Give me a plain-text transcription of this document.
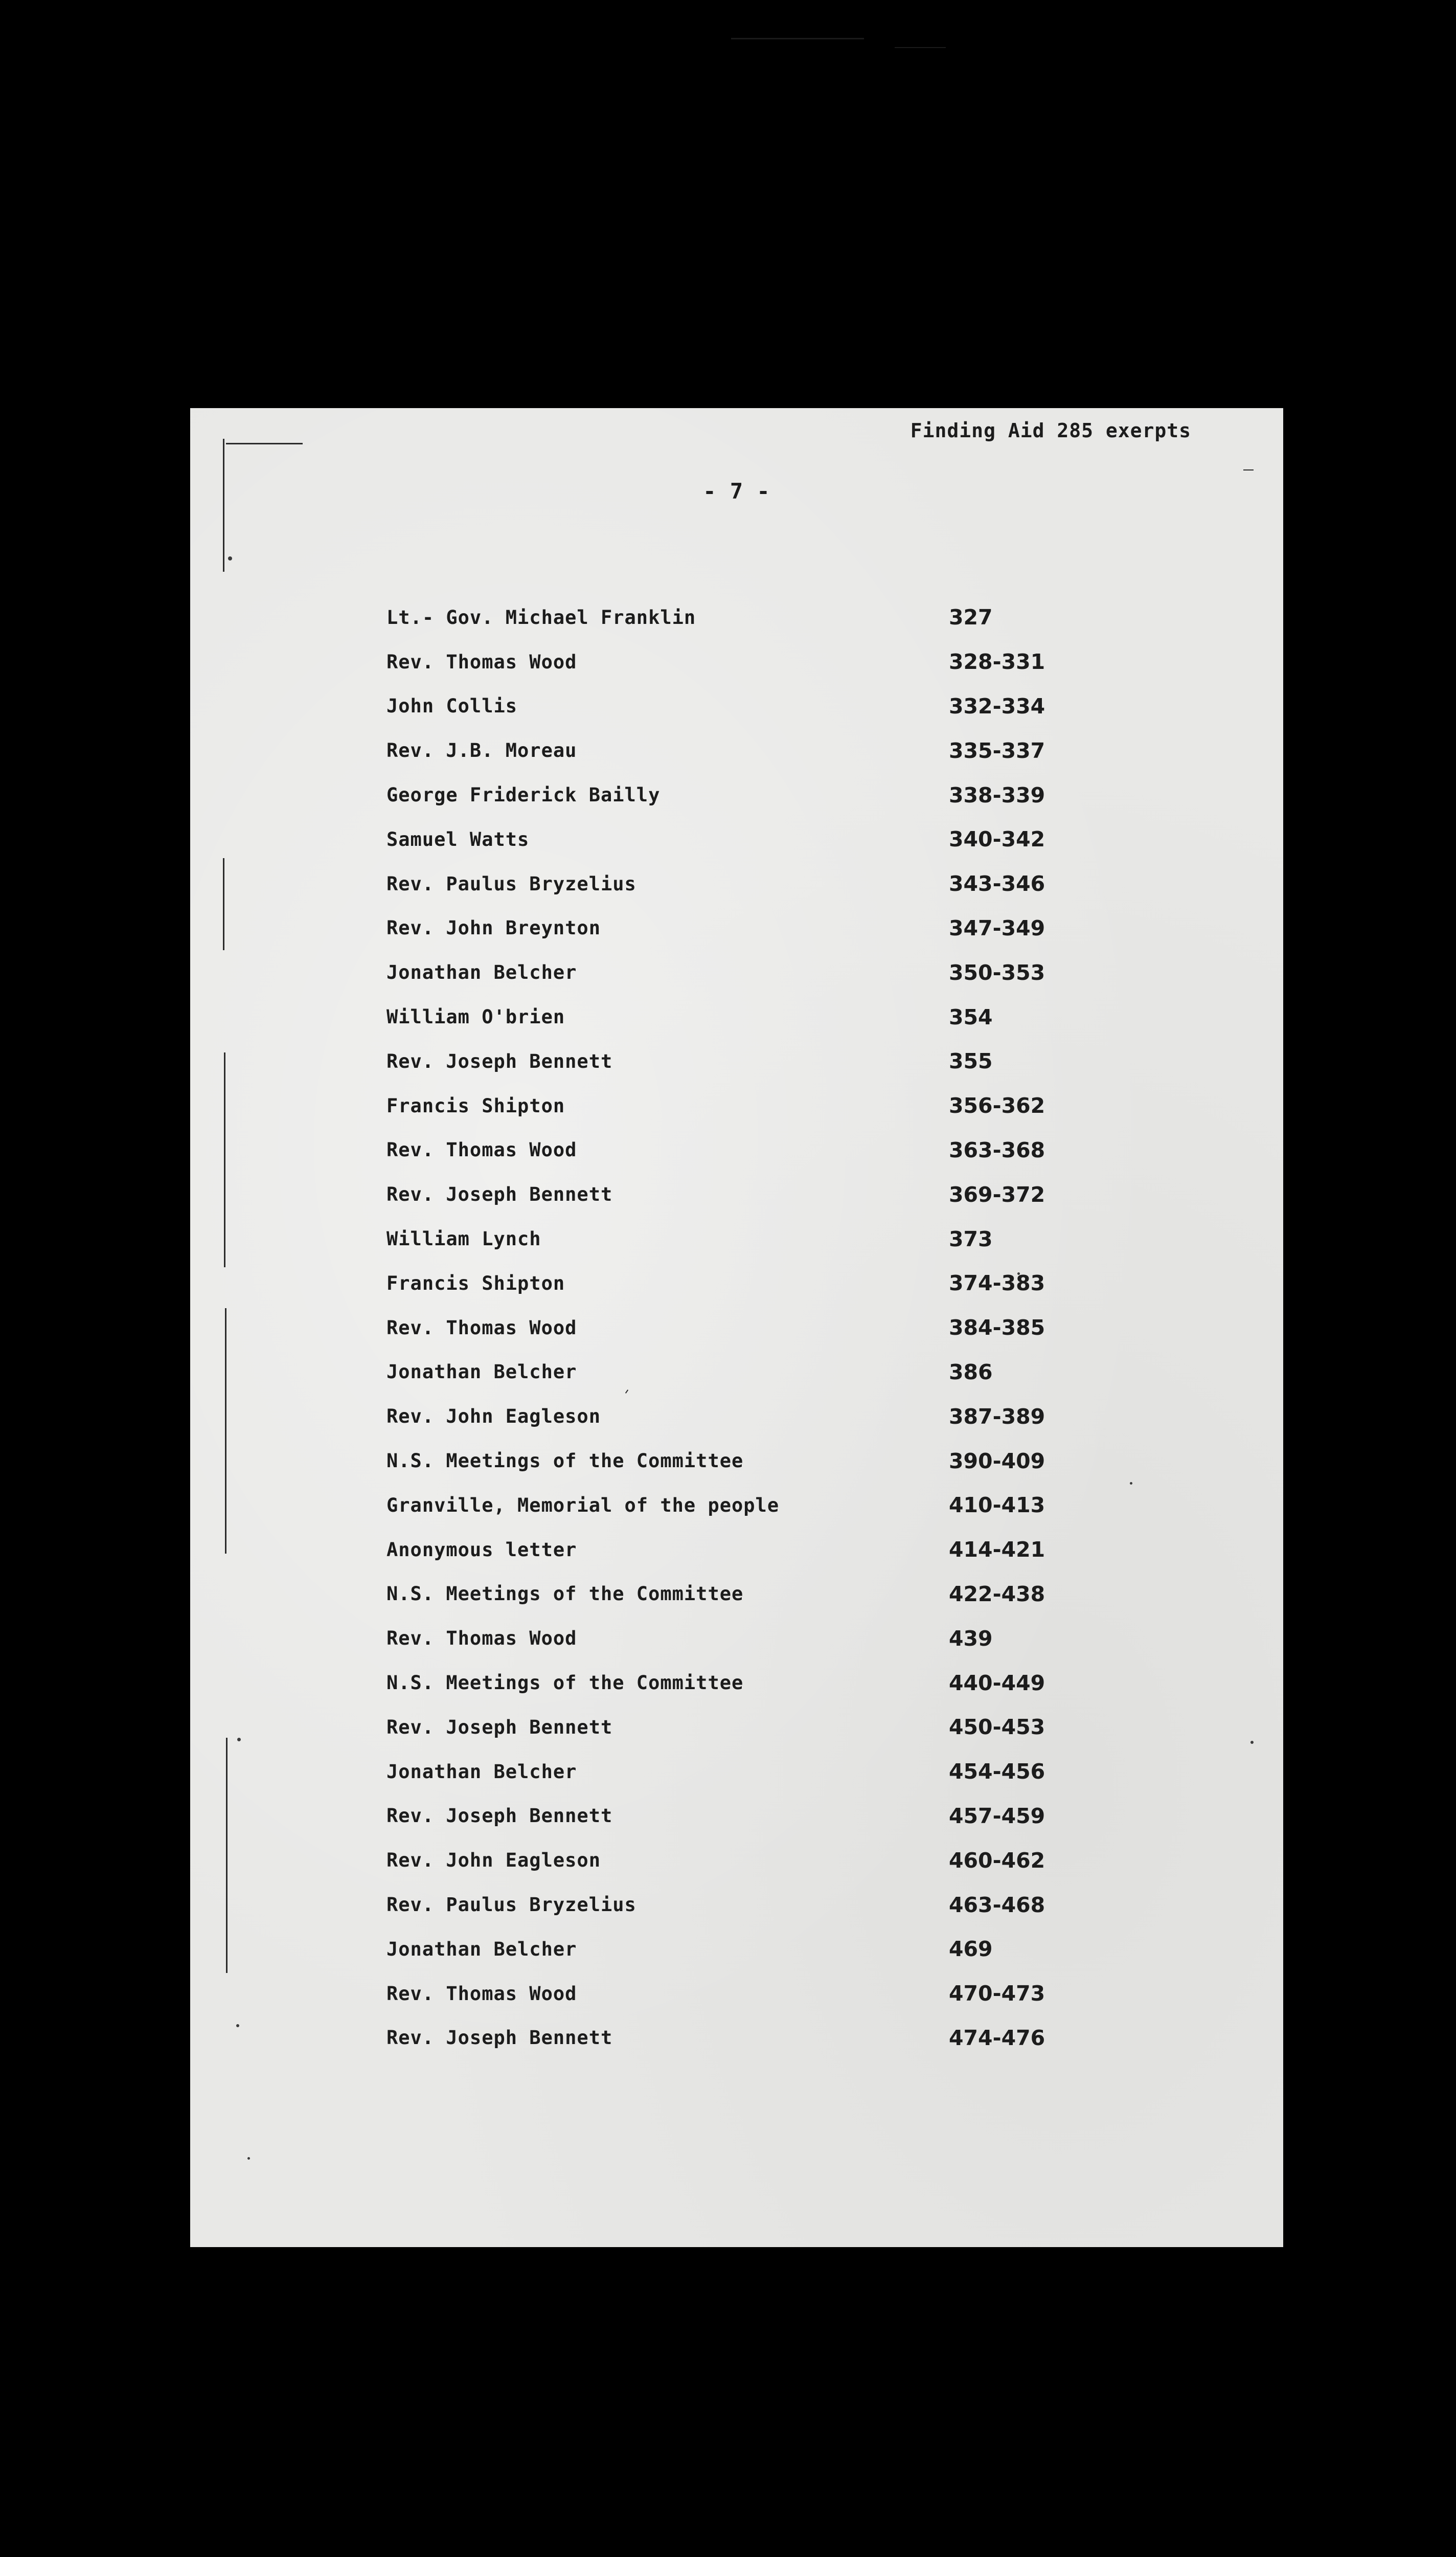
Finding Aid 285 exerpts
- 7 -
Lt.- Gov. Michael Franklin	327
Rev. Thomas Wood	328-331
John Collis	332-334
Rev. J.B. Moreau	335-337
George Friderick Bailly	338-339
Samuel Watts	340-342
Rev. Paulus Bryzelius	343-346
Rev. John Breynton	347-349
Jonathan Belcher	350-353
William O'brien	354
Rev. Joseph Bennett	355
Francis Shipton	356-362
Rev. Thomas Wood	363-368
Rev. Joseph Bennett	369-372
William Lynch	373
Francis Shipton	374-383
Rev. Thomas Wood	384-385
Jonathan Belcher	386
Rev. John Eagleson	387-389
N.S. Meetings of the Committee	390-409
Granville, Memorial of the people	410-413
Anonymous letter	414-421
N.S. Meetings of the Committee	422-438
Rev. Thomas Wood	439
N.S. Meetings of the Committee	440-449
Rev. Joseph Bennett	450-453
Jonathan Belcher	454-456
Rev. Joseph Bennett	457-459
Rev. John Eagleson	460-462
Rev. Paulus Bryzelius	463-468
Jonathan Belcher	469
Rev. Thomas Wood	470-473
Rev. Joseph Bennett	474-476
